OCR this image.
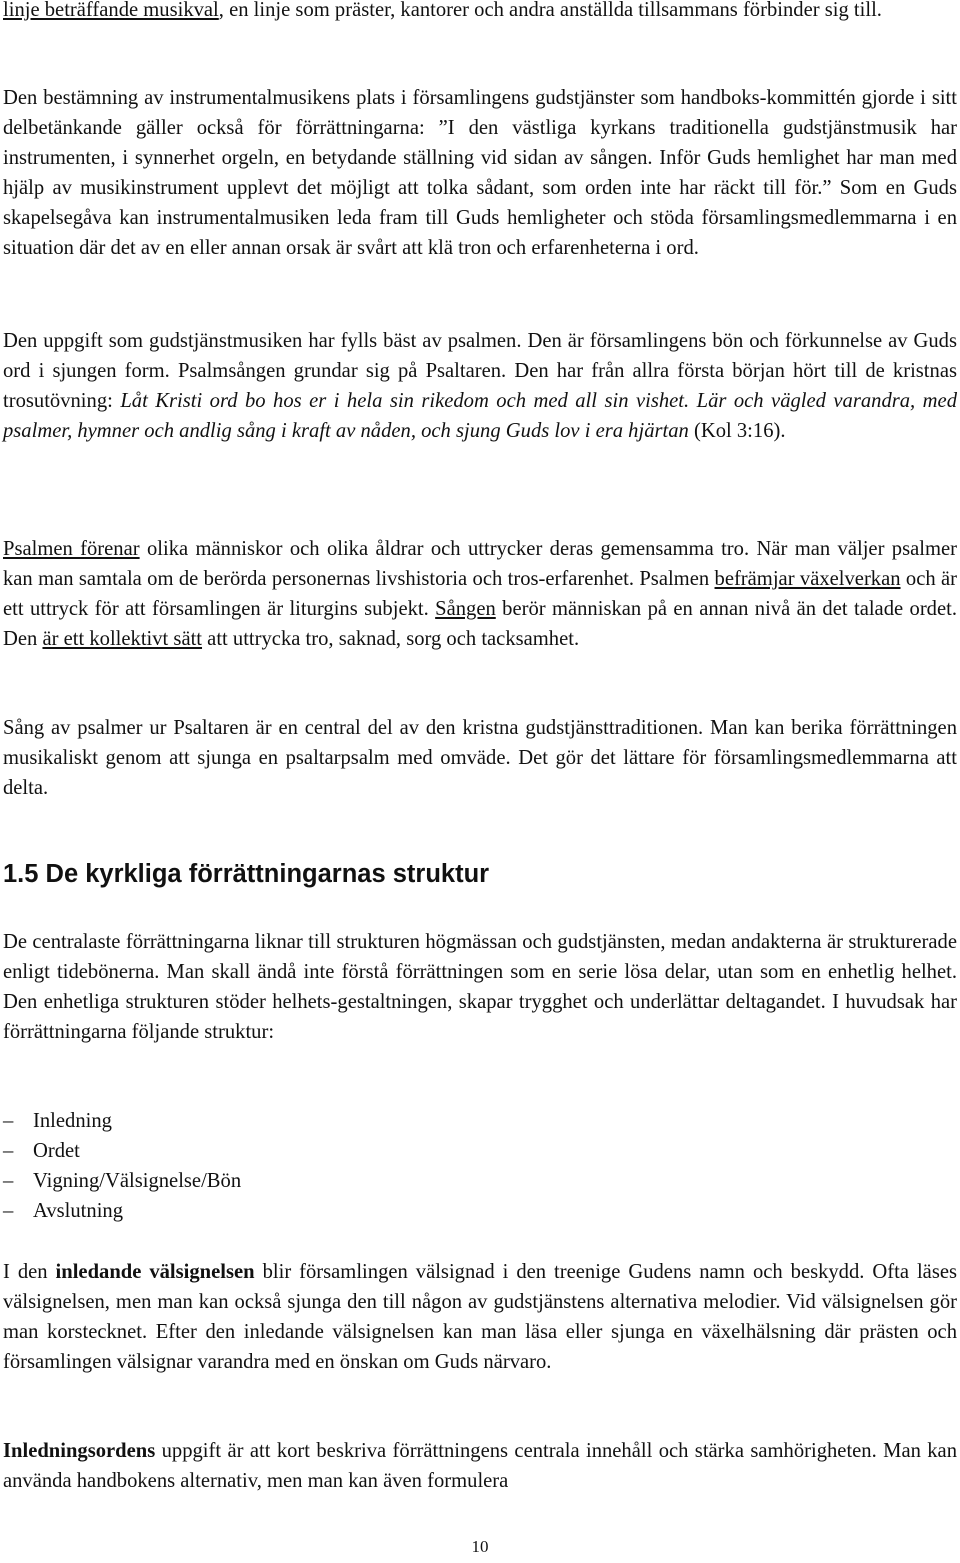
linje beträffande musikval, en linje som präster, kantorer och andra anställda tillsammans förbinder sig till.

Den bestämning av instrumentalmusikens plats i församlingens gudstjänster som handboks-kommittén gjorde i sitt delbetänkande gäller också för förrättningarna: ”I den västliga kyrkans traditionella gudstjänstmusik har instrumenten, i synnerhet orgeln, en betydande ställning vid sidan av sången. Inför Guds hemlighet har man med hjälp av musikinstrument upplevt det möjligt att tolka sådant, som orden inte har räckt till för.” Som en Guds skapelsegåva kan instrumentalmusiken leda fram till Guds hemligheter och stöda församlingsmedlemmarna i en situation där det av en eller annan orsak är svårt att klä tron och erfarenheterna i ord.

Den uppgift som gudstjänstmusiken har fylls bäst av psalmen. Den är församlingens bön och förkunnelse av Guds ord i sjungen form. Psalmsången grundar sig på Psaltaren. Den har från allra första början hört till de kristnas trosutövning: Låt Kristi ord bo hos er i hela sin rikedom och med all sin vishet. Lär och vägled varandra, med psalmer, hymner och andlig sång i kraft av nåden, och sjung Guds lov i era hjärtan (Kol 3:16).

Psalmen förenar olika människor och olika åldrar och uttrycker deras gemensamma tro. När man väljer psalmer kan man samtala om de berörda personernas livshistoria och tros-erfarenhet. Psalmen befrämjar växelverkan och är ett uttryck för att församlingen är liturgins subjekt. Sången berör människan på en annan nivå än det talade ordet. Den är ett kollektivt sätt att uttrycka tro, saknad, sorg och tacksamhet.

Sång av psalmer ur Psaltaren är en central del av den kristna gudstjänsttraditionen. Man kan berika förrättningen musikaliskt genom att sjunga en psaltarpsalm med omväde. Det gör det lättare för församlingsmedlemmarna att delta.

1.5 De kyrkliga förrättningarnas struktur

De centralaste förrättningarna liknar till strukturen högmässan och gudstjänsten, medan andakterna är strukturerade enligt tidebönerna. Man skall ändå inte förstå förrättningen som en serie lösa delar, utan som en enhetlig helhet. Den enhetliga strukturen stöder helhets-gestaltningen, skapar trygghet och underlättar deltagandet. I huvudsak har förrättningarna följande struktur:

– Inledning
– Ordet
– Vigning/Välsignelse/Bön
– Avslutning

I den inledande välsignelsen blir församlingen välsignad i den treenige Gudens namn och beskydd. Ofta läses välsignelsen, men man kan också sjunga den till någon av gudstjänstens alternativa melodier. Vid välsignelsen gör man korstecknet. Efter den inledande välsignelsen kan man läsa eller sjunga en växelhälsning där prästen och församlingen välsignar varandra med en önskan om Guds närvaro.

Inledningsordens uppgift är att kort beskriva förrättningens centrala innehåll och stärka samhörigheten. Man kan använda handbokens alternativ, men man kan även formulera

10
